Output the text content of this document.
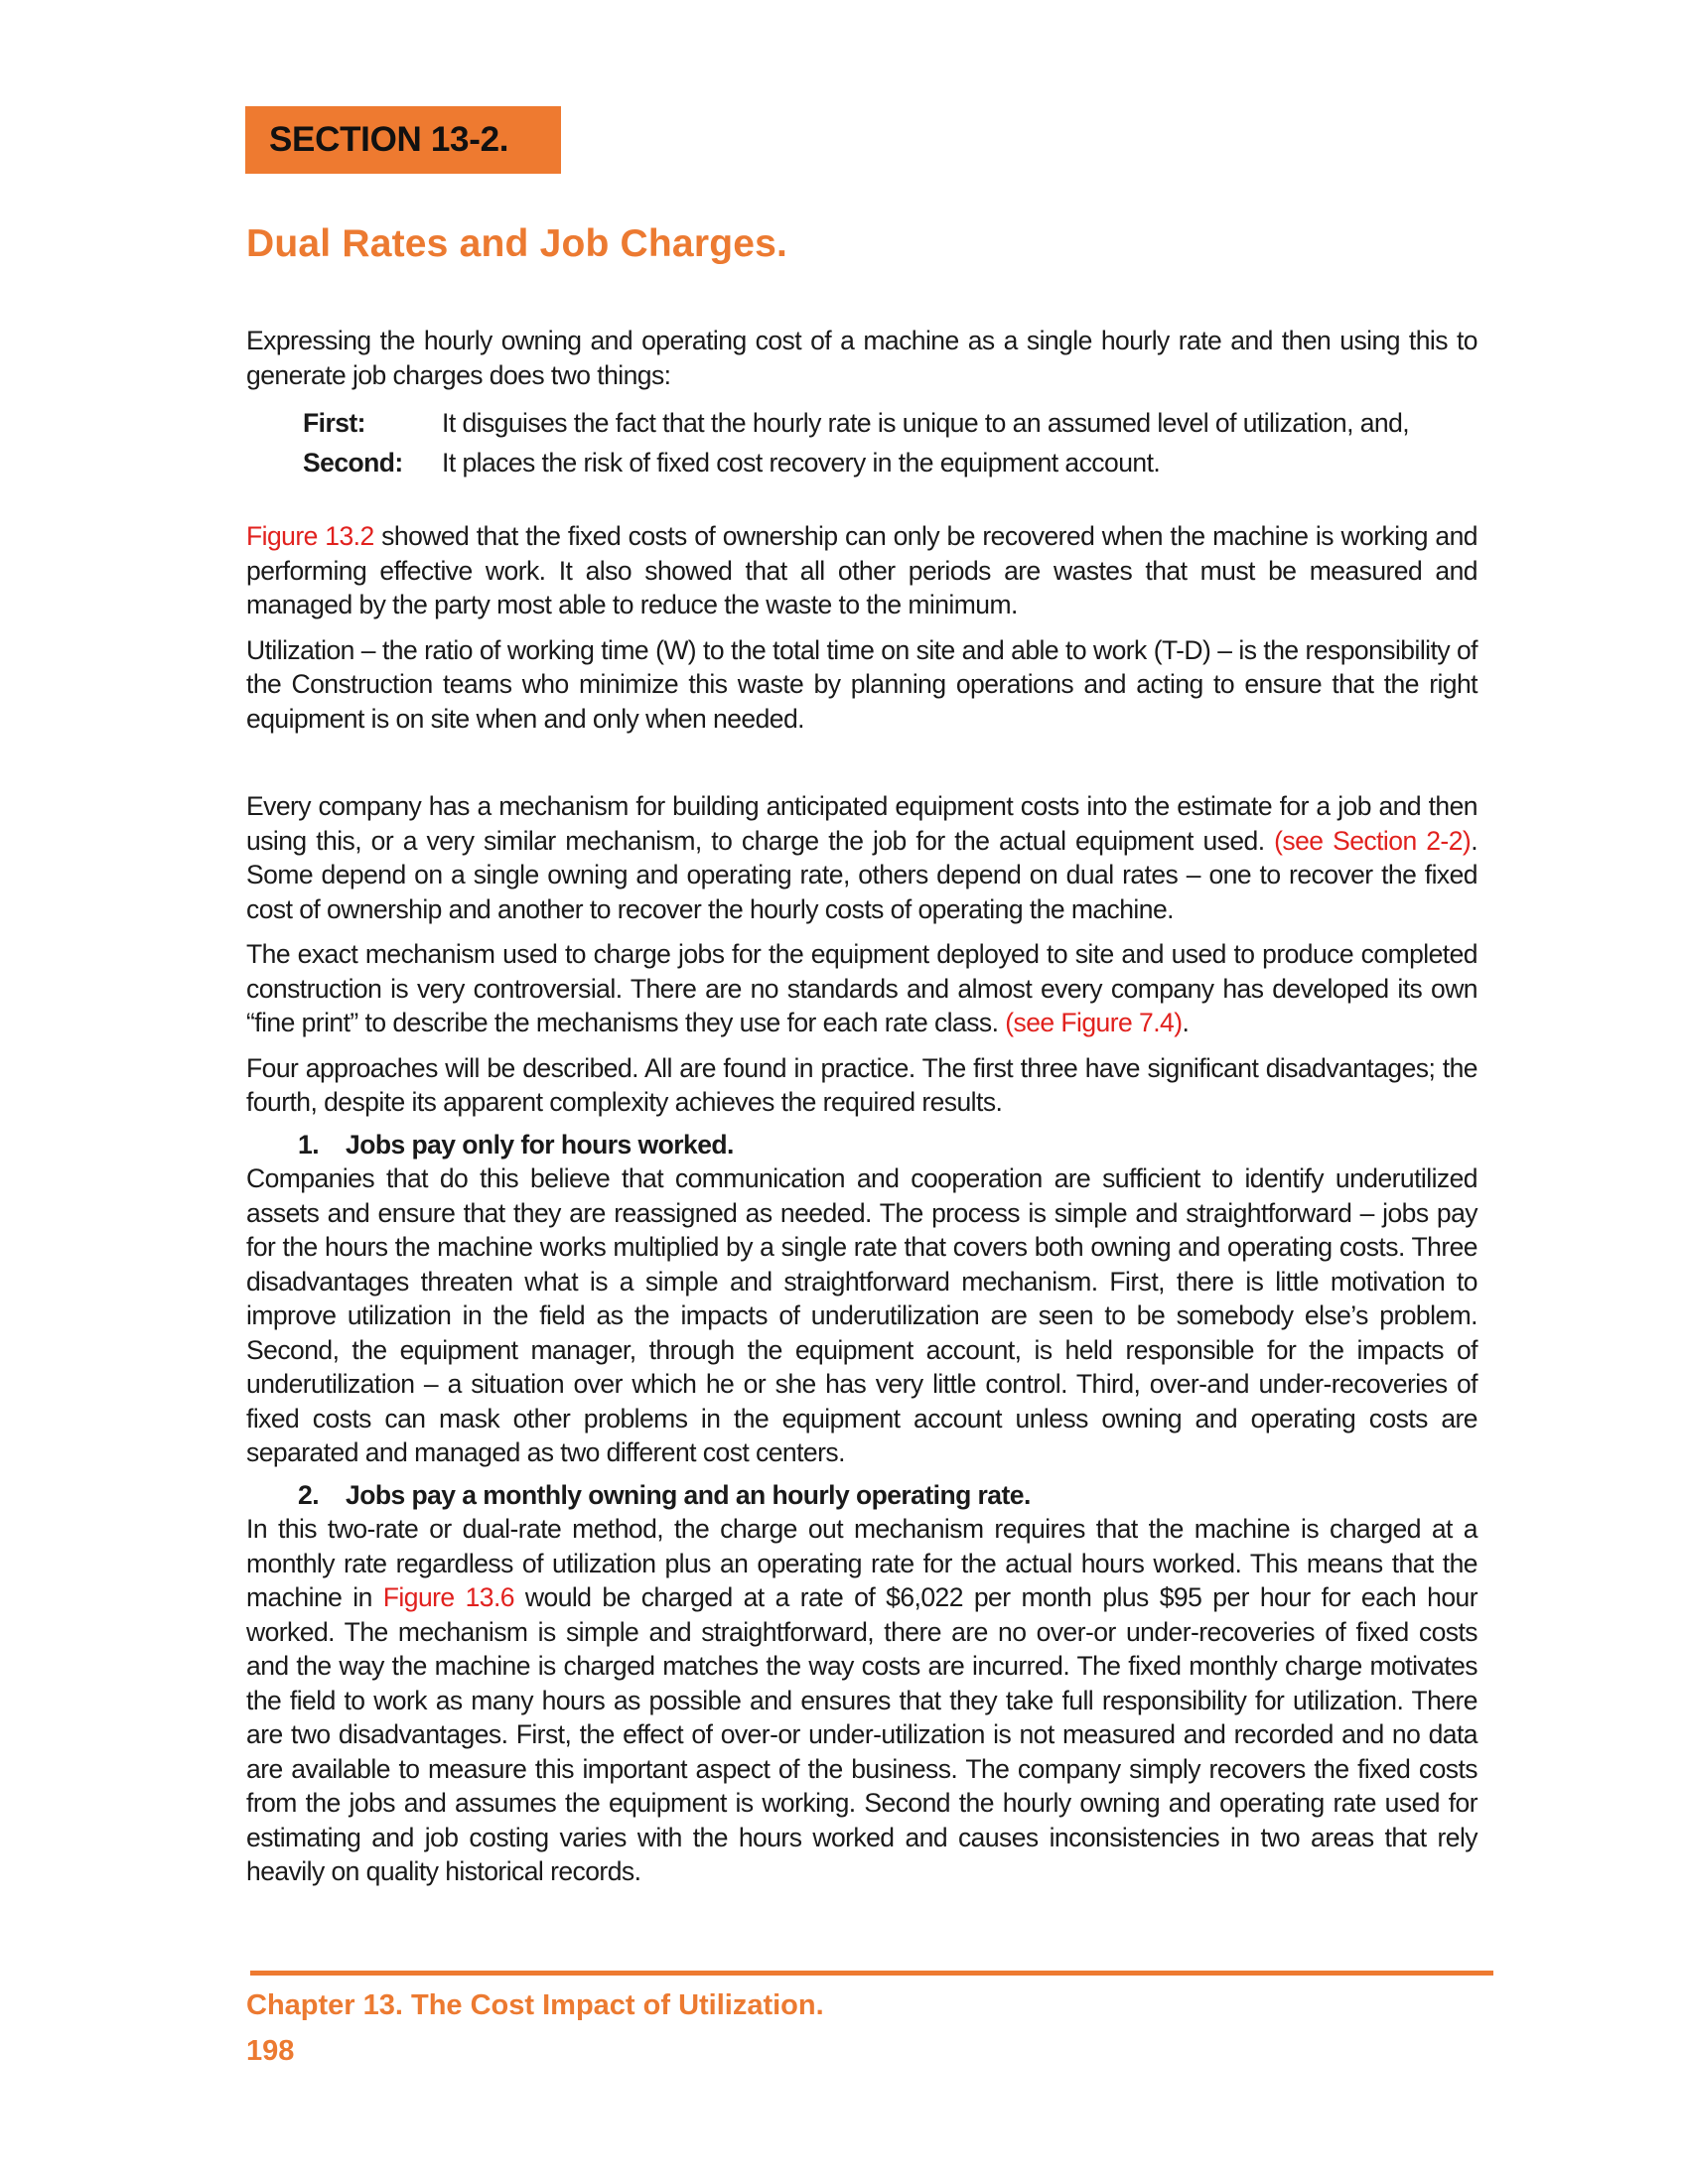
SECTION 13-2.
Dual Rates and Job Charges.

Expressing the hourly owning and operating cost of a machine as a single hourly rate and then using this to generate job charges does two things:

First:	It disguises the fact that the hourly rate is unique to an assumed level of utilization, and,
Second:	It places the risk of fixed cost recovery in the equipment account.

Figure 13.2 showed that the fixed costs of ownership can only be recovered when the machine is working and performing effective work. It also showed that all other periods are wastes that must be measured and managed by the party most able to reduce the waste to the minimum.

Utilization – the ratio of working time (W) to the total time on site and able to work (T-D) – is the responsibility of the Construction teams who minimize this waste by planning operations and acting to ensure that the right equipment is on site when and only when needed.

Every company has a mechanism for building anticipated equipment costs into the estimate for a job and then using this, or a very similar mechanism, to charge the job for the actual equipment used. (see Section 2-2). Some depend on a single owning and operating rate, others depend on dual rates – one to recover the fixed cost of ownership and another to recover the hourly costs of operating the machine.

The exact mechanism used to charge jobs for the equipment deployed to site and used to produce completed construction is very controversial. There are no standards and almost every company has developed its own “fine print” to describe the mechanisms they use for each rate class. (see Figure 7.4).

Four approaches will be described. All are found in practice. The first three have significant disadvantages; the fourth, despite its apparent complexity achieves the required results.

1.	Jobs pay only for hours worked.

Companies that do this believe that communication and cooperation are sufficient to identify underutilized assets and ensure that they are reassigned as needed. The process is simple and straightforward – jobs pay for the hours the machine works multiplied by a single rate that covers both owning and operating costs. Three disadvantages threaten what is a simple and straightforward mechanism. First, there is little motivation to improve utilization in the field as the impacts of underutilization are seen to be somebody else’s problem. Second, the equipment manager, through the equipment account, is held responsible for the impacts of underutilization – a situation over which he or she has very little control. Third, over-and under-recoveries of fixed costs can mask other problems in the equipment account unless owning and operating costs are separated and managed as two different cost centers.

2.	Jobs pay a monthly owning and an hourly operating rate.

In this two-rate or dual-rate method, the charge out mechanism requires that the machine is charged at a monthly rate regardless of utilization plus an operating rate for the actual hours worked. This means that the machine in Figure 13.6 would be charged at a rate of $6,022 per month plus $95 per hour for each hour worked. The mechanism is simple and straightforward, there are no over-or under-recoveries of fixed costs and the way the machine is charged matches the way costs are incurred. The fixed monthly charge motivates the field to work as many hours as possible and ensures that they take full responsibility for utilization. There are two disadvantages. First, the effect of over-or under-utilization is not measured and recorded and no data are available to measure this important aspect of the business. The company simply recovers the fixed costs from the jobs and assumes the equipment is working. Second the hourly owning and operating rate used for estimating and job costing varies with the hours worked and causes inconsistencies in two areas that rely heavily on quality historical records.

Chapter 13. The Cost Impact of Utilization.
198
